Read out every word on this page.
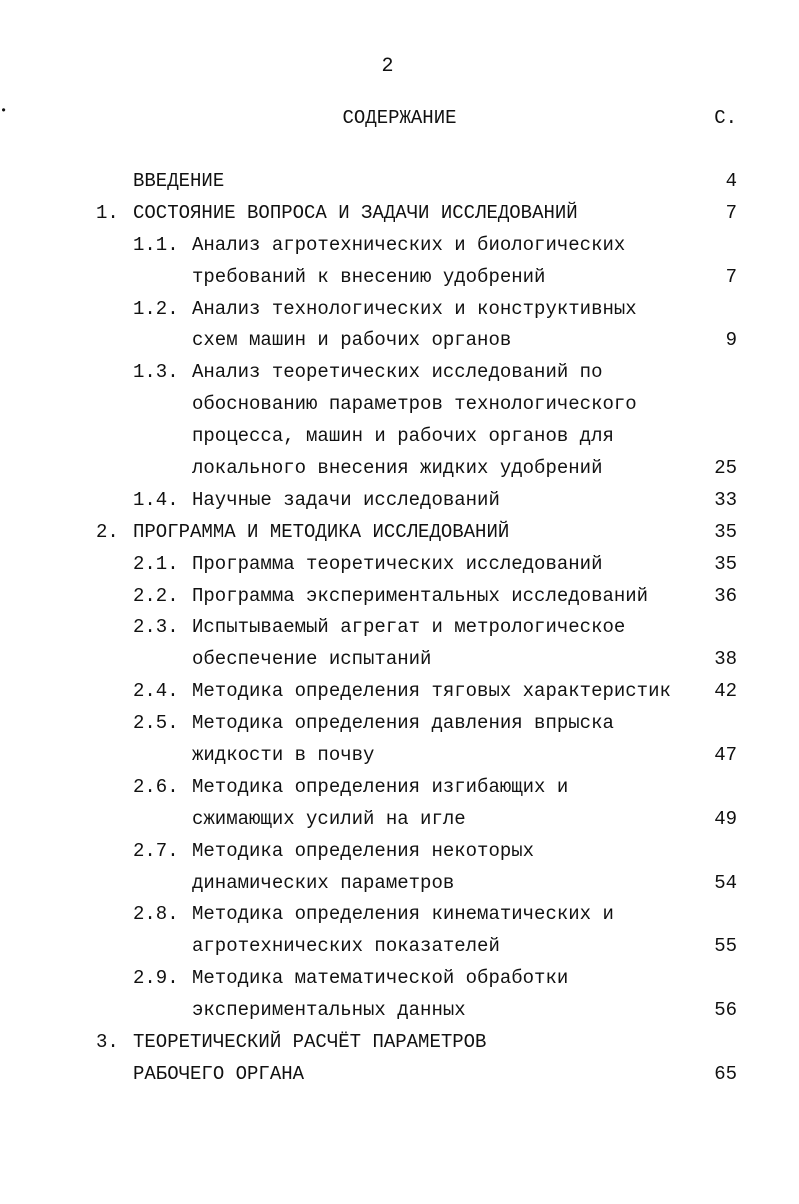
2
•	СОДЕРЖАНИЕ	С.
ВВЕДЕНИЕ	4
1. СОСТОЯНИЕ ВОПРОСА И ЗАДАЧИ ИССЛЕДОВАНИЙ	7
1.1. Анализ агротехнических и биологических
требований к внесению удобрений	7
1.2. Анализ технологических и конструктивных
схем машин и рабочих органов	9
1.3. Анализ теоретических исследований по
обоснованию параметров технологического
процесса, машин и рабочих органов для
локального внесения жидких удобрений	25
1.4. Научные задачи исследований	33
2. ПРОГРАММА И МЕТОДИКА ИССЛЕДОВАНИЙ	35
2.1. Программа теоретических исследований	35
2.2. Программа экспериментальных исследований	36
2.3. Испытываемый агрегат и метрологическое
обеспечение испытаний	38
2.4. Методика определения тяговых характеристик 42
2.5. Методика определения давления впрыска
жидкости в почву	47
2.6. Методика определения изгибающих и
сжимающих усилий на игле	49
2.7. Методика определения некоторых
динамических параметров	54
2.8. Методика определения кинематических и
агротехнических показателей	55
2.9. Методика математической обработки
экспериментальных данных	56
3. ТЕОРЕТИЧЕСКИЙ РАСЧЁТ ПАРАМЕТРОВ
РАБОЧЕГО ОРГАНА	65
